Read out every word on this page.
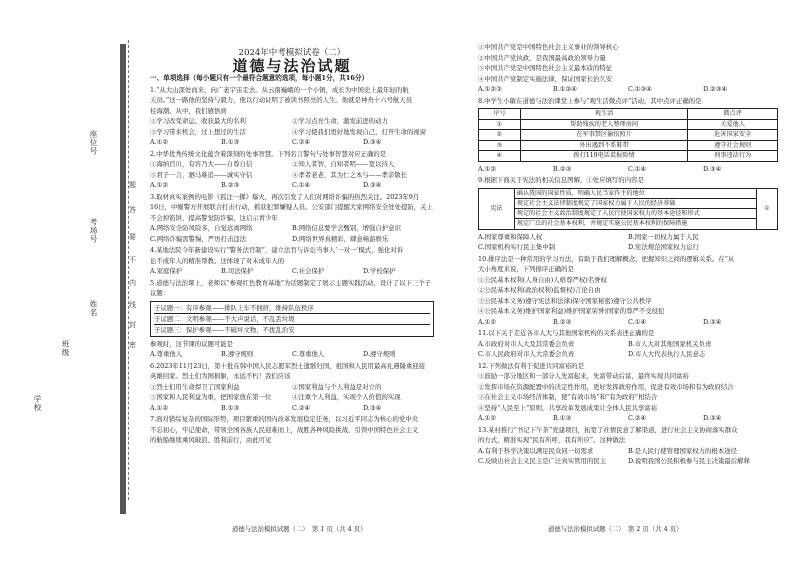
座位号
考场号
姓名
班级
学校
题
答
要
不
内
线
封
密
2024年中考模拟试卷（二）
道德与法治试题
一、单项选择（每小题只有一个最符合题意的选项，每小题1分，共16分）
1.“从大山深处而来，向广袤宇宙走去。从云南巍峨的一个小镇，成长为中国史上最年轻的航
天员。”这一路他的坚持与毅力，他以行动证明了被读书照亮的人生。他就是神舟十六号航天员
桂海潮。从中，我们感悟到
①学习改变命运，收获最大的名利	②学习点亮生命，激发前进的动力
③学习带来机会，过上想过的生活	④学习使我们更好地发现自己，打开生命的视窗
A.①②	B.①③	C.②④	D.③④
2.中华优秀传统文化蕴含着深刻的处事智慧。下列名言警句与处事智慧对应正确的是
①海纳百川，有容乃大——自尊自信	②知人者智，自知者明——宽以待人
③君子一言，驷马难追——诚实守信	④孝者老老，其为仁之本与——孝亲敬长
A.①②	B.②③	C.①④	D.③④
3.取材真实案例的电影《孤注一掷》爆火，再次引发了人们对网络诈骗的热烈关注。2023年9月
16日，中缅警方开展联合打击行动，抓获犯罪嫌疑人员。公安部门提醒大家网络安全处处提防，关上
不会掉馅饼，提高警觉防诈骗，这启示青少年
A.网络安全防风险多，自觉远离网络	B.网络信息要学会甄别，增强自护意识
C.网络诈骗需警惕，严厉打击违法	D.网络世界真精彩，肆意畅游娱乐
4.某地法院今年新建设实行“警务法官制”，建立法官与诉讼当事人‘一对一’模式，强化对诉
讼不成年人的精准帮教。这体现了对未成年人的
A.家庭保护	B.司法保护	C.社会保护	D.学校保护
5.道德与法治课上，老师以“参观红色教育基地”为话题制定了展示主题实践活动，设计了以下三个子
议题：
子议题一：有序参观——排队上车不拥挤，维持队伍秩序
子议题二：文明参观——不大声说话，不乱丢垃圾
子议题三：保护参观——不破坏文物，不扰乱治安
参观时，这节课的议题可能是
A.尊重他人	B.遵守规则	C.尊重他人	D.遵守规则
6.2023年11月23日，第十批在韩中国人民志愿军烈士遗骸归国，祖国和人民用最高礼遇隆重迎接
英雄回家。烈士们为国捐躯，永远不朽！我们应该
①烈士们用生命捍卫了国家利益	②国家利益与个人利益是对立的
③国家和人民利益为重，把国家放在第一位	④注重个人利益，实现个人价值的实现
A.①②	B.①③	C.②④	D.③④
7.面对错综复杂的国际形势，项目繁重的国内改革发展稳定任务，以习近平同志为核心的党中央
不忘初心，牢记使命，带领全国各族人民迎难而上，战胜各种风险挑战，引领中国特色社会主义
的航船继续乘风破浪、胜利前行，由此可见
道德与法治模拟试题（二）　第 1 页（共 4 页）
①中国共产党是中国特色社会主义事业的领导核心
②中国共产党执政，是我国最高政治领导力量
③中国共产党是中国特色社会主义最本质的特征
④中国共产党制定实施法律，保证国家长治久安
A.①②③	B.①②④	C.①③④	D.②③④
8.中学生小敏在道德与法治课堂上参与“观生活微点评”活动，其中点评正确的是
序号	观生活	微点评
①	帮助残疾的老人整理房间	关爱他人
②	在军事禁区偷拍照片	危害国家安全
③	外出遇到不系鞋带	遵守社会规则
④	拨打119电话谎报险情	刑事违法行为
A.①②	B.②③	C.①④	D.③④
9.根据下面关于宪法的相关信息图解，①处应填写的内容是
宪法	确认我国的国家性质，明确人民当家作主的地位	①
规定社会主义法律制度规定了国家权力属于人民的经济基础
规定的社会主义政治制度规定了人民行使国家权力的基本途径和形式
规定广泛的社会基本权利，并规定实施公民基本权利的保障措施
A.国家尊重和保障人权	B.国家一切权力属于人民
C.国家机构实行民主集中制	D.宪法规范国家权力运行
10.排序法是一种常用的学习方法，有助于我们理解概念、把握知识之间的逻辑关系。在“从
大小角度来说，下列排序正确的是
①公民基本权利(人身自由)人格尊严权)名誉权
②公民基本权利(政治权利)监督权)言论自由
③公民基本义务)遵守宪法和法律)保守国家秘密)遵守公共秩序
④公民基本义务)维护国家利益)维护国家荣誉)国家的尊严不受侵犯
A.①②	B.②③	C.①④	D.③④
11.以下关于走近各市人大与其他国家机构的关系表述正确的是
A.市政府对市人大及其常委会负责	B.市人大对其他国家机关负责
C.市人民政府对市人大常委会负责	D.市人大代表执行人民意志
12.下列做法有利于促进共同富裕的是
①鼓励一部分地区和一部分人先富起来，先富带动后富，最终实现共同富裕
②发挥市场在资源配置中的决定性作用，更好发挥政府作用，促进有效市场和有为政府结合
③在社会主义市场经济体制，使“有效市场”和“有为政府”相结合
④坚持“人民至上”原则，共享改革发展成果让全体人民共享富裕
A.①②	B.①③	C.②④	D.③④
13.某村推行“书记下午茶”党建项目，拓宽了社情民意了解渠道，进行社会主义协商落实群众
的方式，精准实现“民有所呼，我有所应”。这种做法
A.有利于科学决策以满足民众同一切需求	B.是人民行使管理国家权力的根本途径
C.反映出社会主义民主是广泛真实管用的民主	D.说明我国公民积极参与民主决策最后解释
道德与法治模拟试题（二）　第 2 页（共 4 页）
